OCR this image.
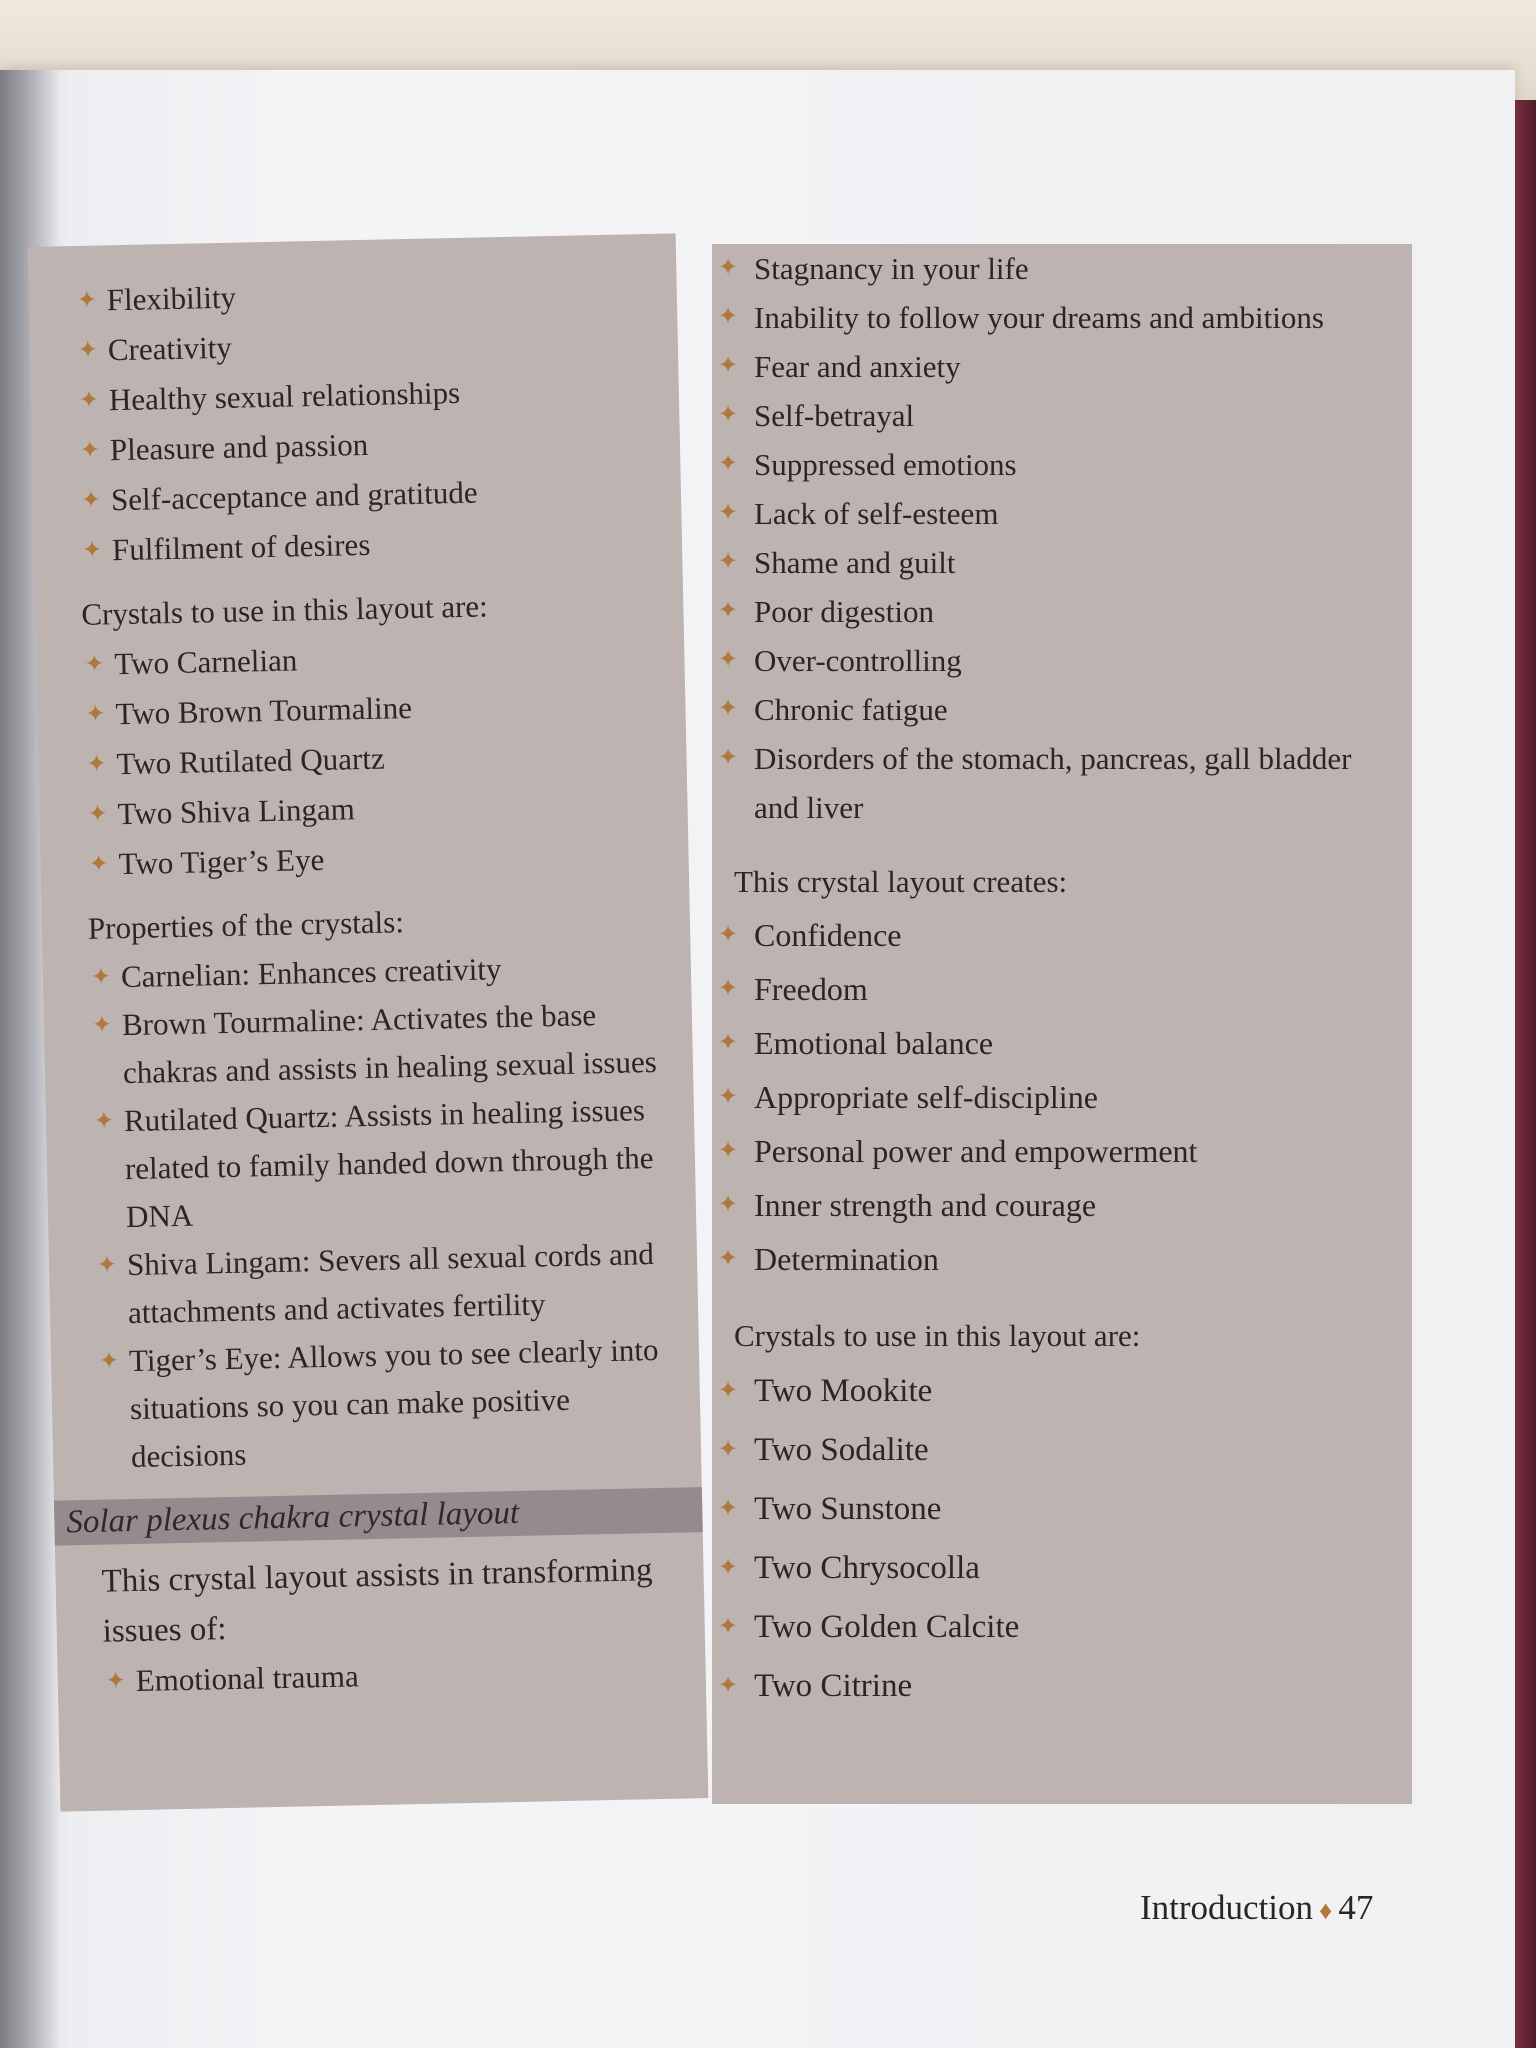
✦ Flexibility
✦ Creativity
✦ Healthy sexual relationships
✦ Pleasure and passion
✦ Self-acceptance and gratitude
✦ Fulfilment of desires
Crystals to use in this layout are:
✦ Two Carnelian
✦ Two Brown Tourmaline
✦ Two Rutilated Quartz
✦ Two Shiva Lingam
✦ Two Tiger’s Eye
Properties of the crystals:
✦ Carnelian: Enhances creativity
✦ Brown Tourmaline: Activates the base chakras and assists in healing sexual issues
✦ Rutilated Quartz: Assists in healing issues related to family handed down through the DNA
✦ Shiva Lingam: Severs all sexual cords and attachments and activates fertility
✦ Tiger’s Eye: Allows you to see clearly into situations so you can make positive decisions
Solar plexus chakra crystal layout
This crystal layout assists in transforming issues of:
✦ Emotional trauma
✦ Stagnancy in your life
✦ Inability to follow your dreams and ambitions
✦ Fear and anxiety
✦ Self-betrayal
✦ Suppressed emotions
✦ Lack of self-esteem
✦ Shame and guilt
✦ Poor digestion
✦ Over-controlling
✦ Chronic fatigue
✦ Disorders of the stomach, pancreas, gall bladder and liver
This crystal layout creates:
✦ Confidence
✦ Freedom
✦ Emotional balance
✦ Appropriate self-discipline
✦ Personal power and empowerment
✦ Inner strength and courage
✦ Determination
Crystals to use in this layout are:
✦ Two Mookite
✦ Two Sodalite
✦ Two Sunstone
✦ Two Chrysocolla
✦ Two Golden Calcite
✦ Two Citrine
Introduction ♦ 47
